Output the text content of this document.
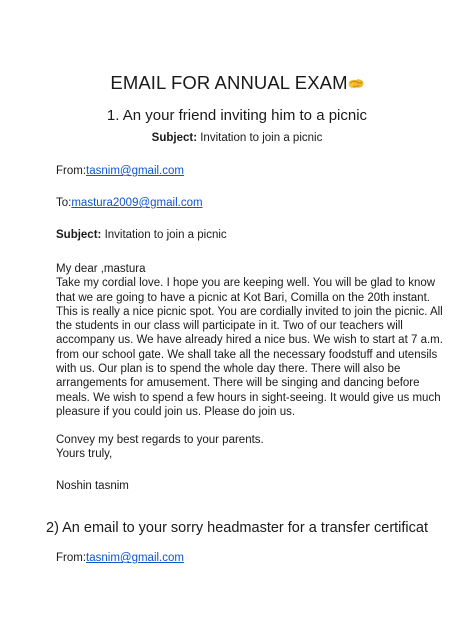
EMAIL FOR ANNUAL EXAM
1. An your friend inviting him to a picnic
Subject: Invitation to join a picnic
From:tasnim@gmail.com
To:mastura2009@gmail.com
Subject: Invitation to join a picnic
My dear ,mastura
Take my cordial love. I hope you are keeping well. You will be glad to know
that we are going to have a picnic at Kot Bari, Comilla on the 20th instant.
This is really a nice picnic spot. You are cordially invited to join the picnic. All
the students in our class will participate in it. Two of our teachers will
accompany us. We have already hired a nice bus. We wish to start at 7 a.m.
from our school gate. We shall take all the necessary foodstuff and utensils
with us. Our plan is to spend the whole day there. There will also be
arrangements for amusement. There will be singing and dancing before
meals. We wish to spend a few hours in sight-seeing. It would give us much
pleasure if you could join us. Please do join us.
Convey my best regards to your parents.
Yours truly,
Noshin tasnim
2) An email to your sorry headmaster for a transfer certificat
From:tasnim@gmail.com
